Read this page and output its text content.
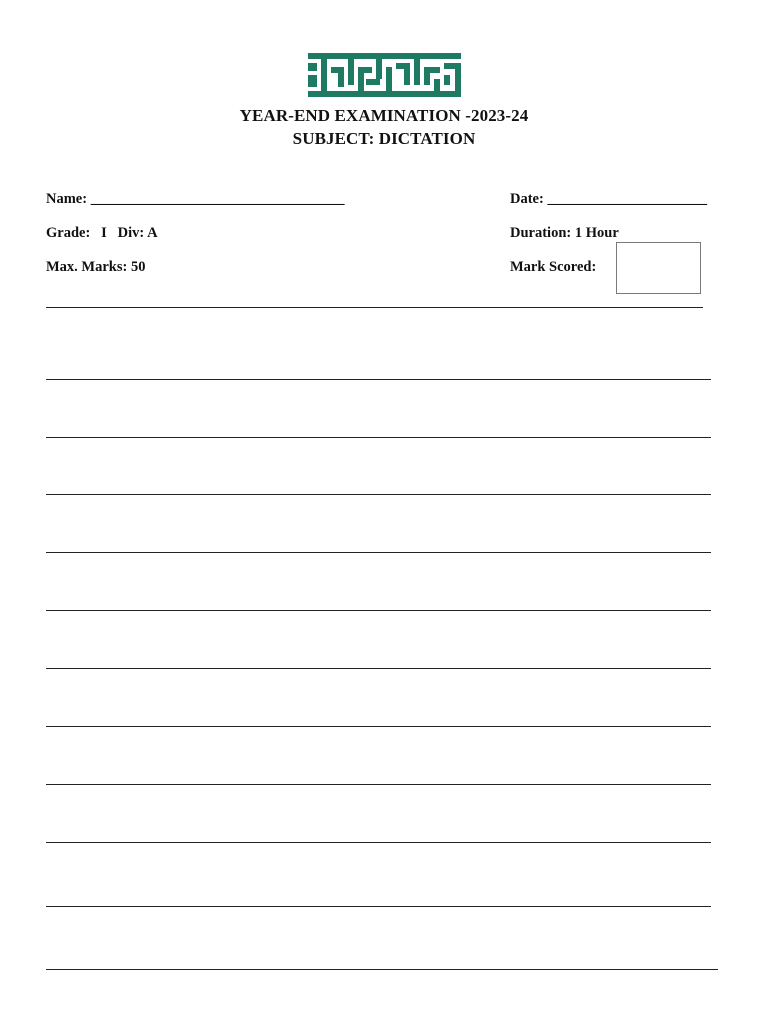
YEAR-END EXAMINATION -2023-24
SUBJECT: DICTATION
Name: ___________________________________	Date: ______________________
Grade:   I   Div: A	Duration: 1 Hour
Max. Marks: 50	Mark Scored:
